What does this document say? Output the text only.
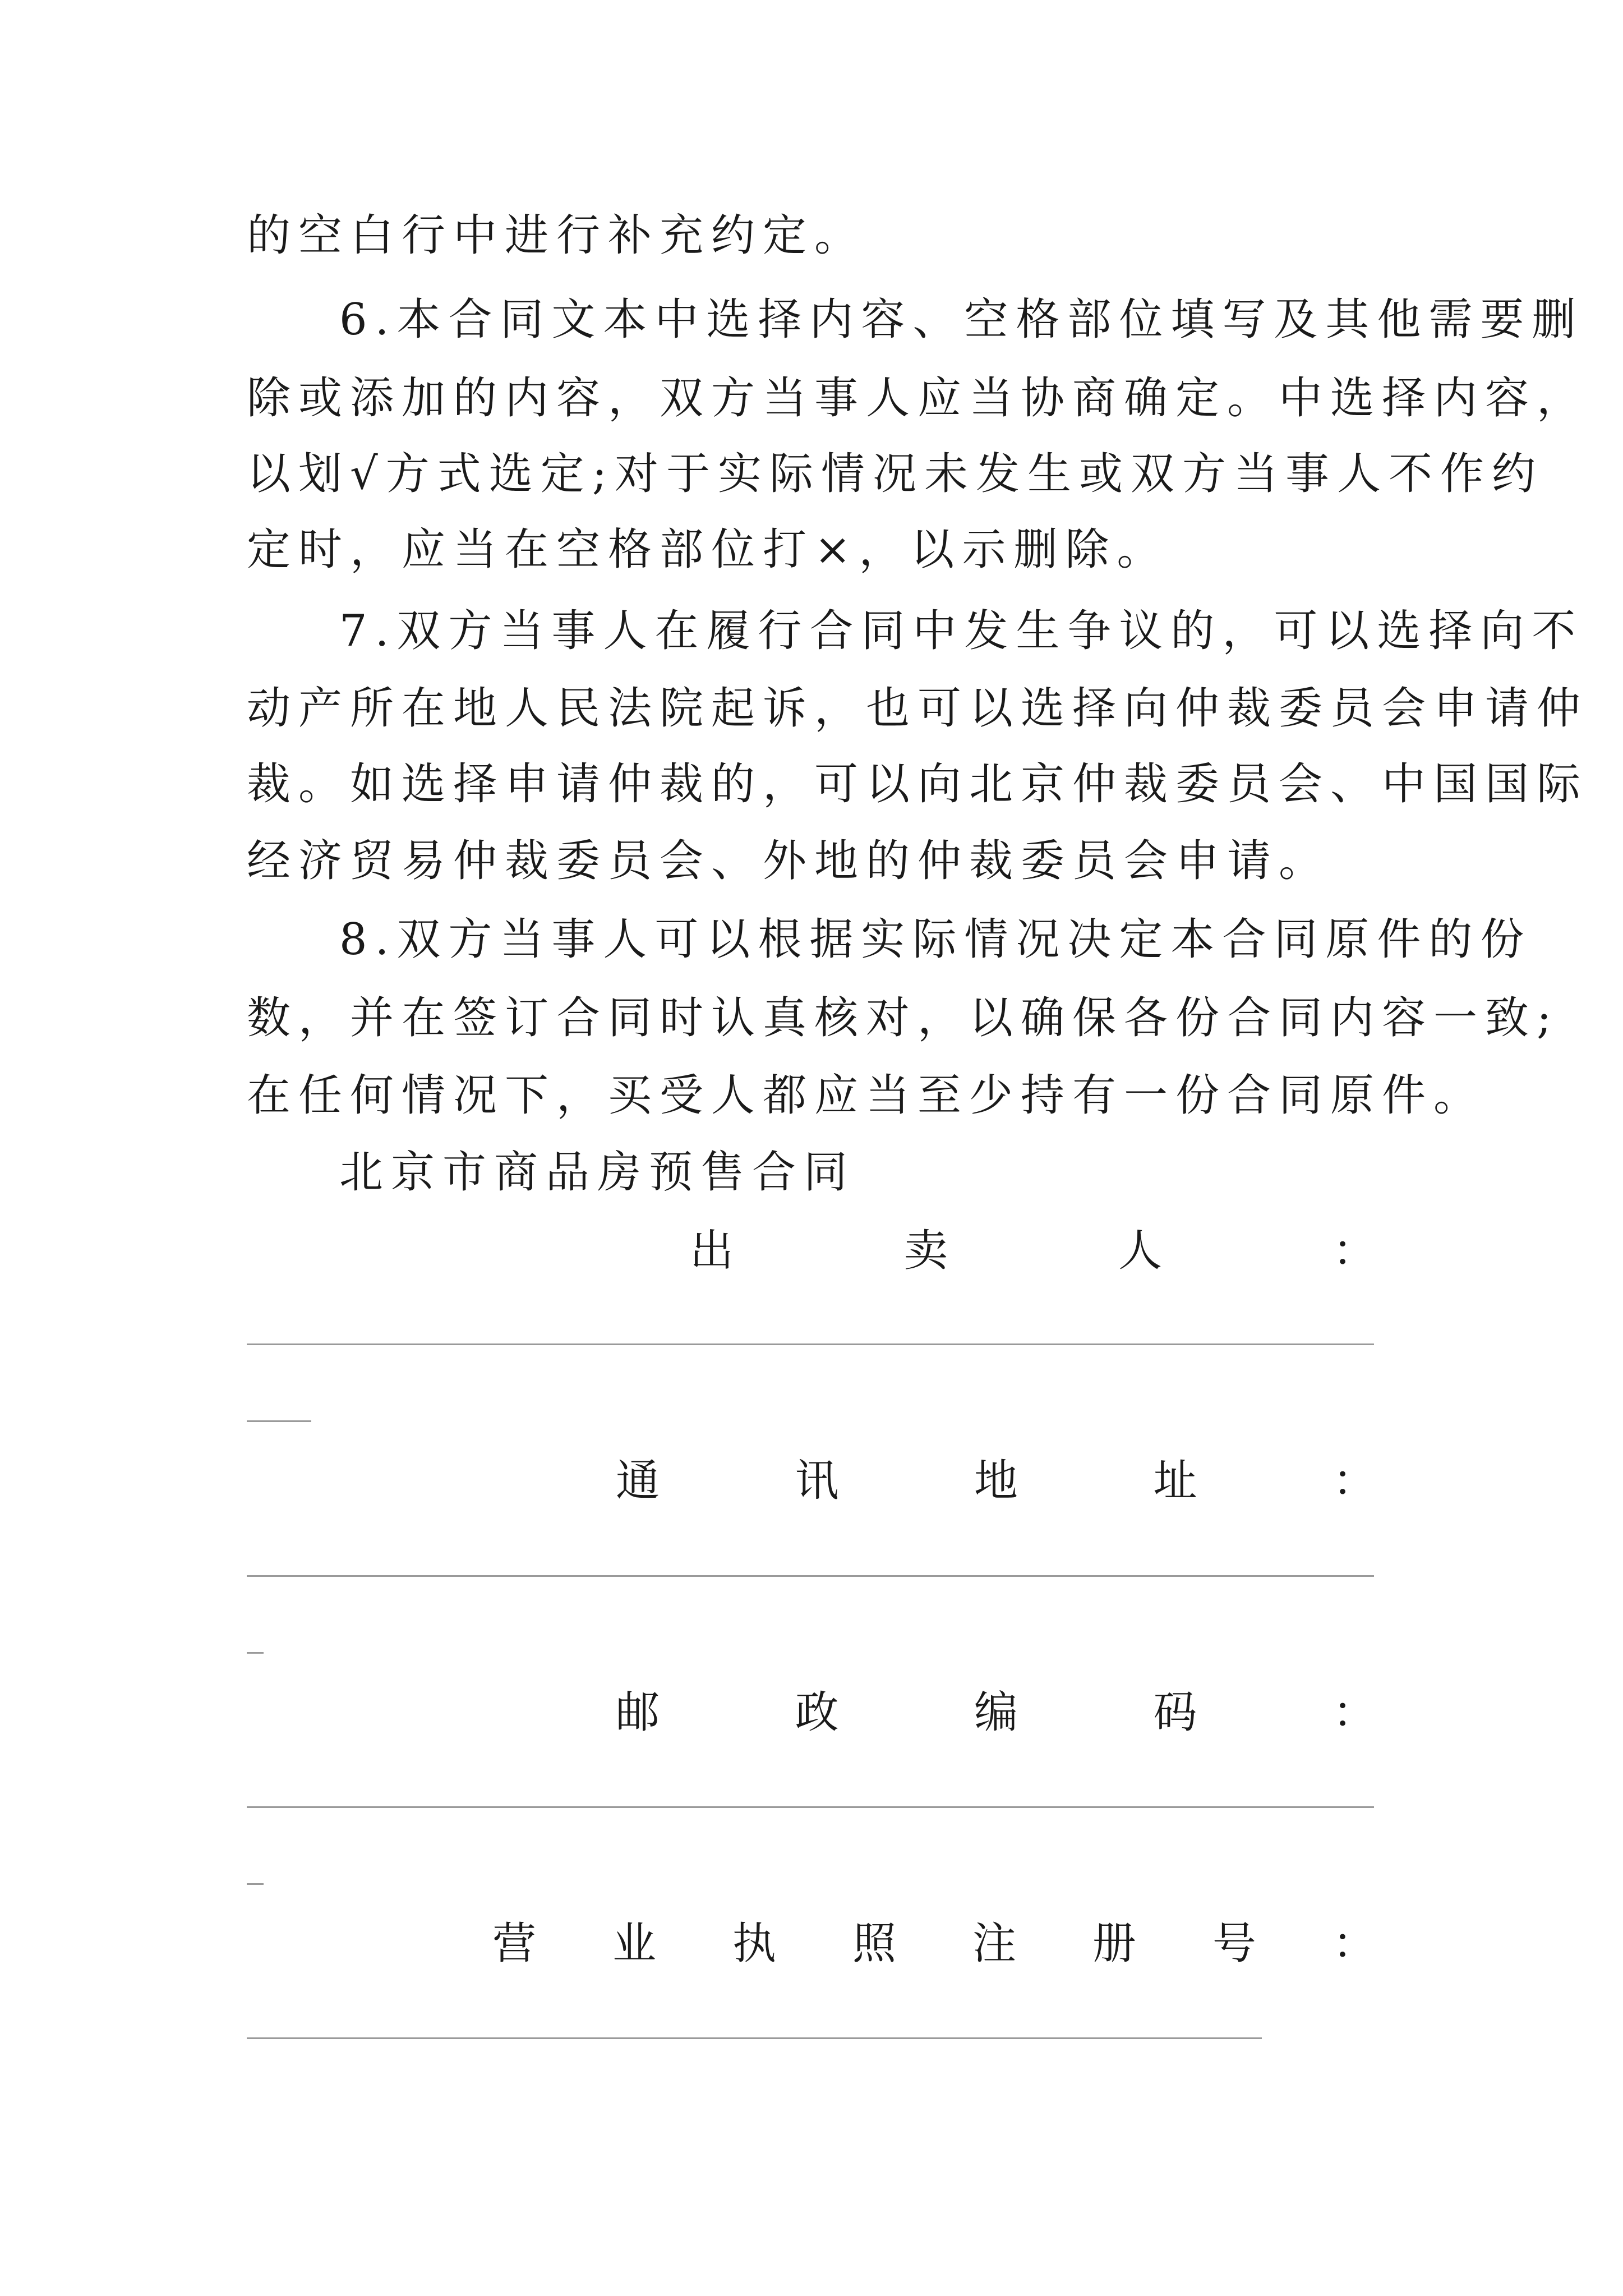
的空白行中进行补充约定。
6.本合同文本中选择内容、空格部位填写及其他需要删
除或添加的内容，双方当事人应当协商确定。中选择内容，
以划√方式选定;对于实际情况未发生或双方当事人不作约
定时，应当在空格部位打×，以示删除。
7.双方当事人在履行合同中发生争议的，可以选择向不
动产所在地人民法院起诉，也可以选择向仲裁委员会申请仲
裁。如选择申请仲裁的，可以向北京仲裁委员会、中国国际
经济贸易仲裁委员会、外地的仲裁委员会申请。
8.双方当事人可以根据实际情况决定本合同原件的份
数，并在签订合同时认真核对，以确保各份合同内容一致;
在任何情况下，买受人都应当至少持有一份合同原件。
北京市商品房预售合同
出	卖	人	：
通	讯	地	址	：
邮	政	编	码	：
营 业 执 照 注 册 号 ：
